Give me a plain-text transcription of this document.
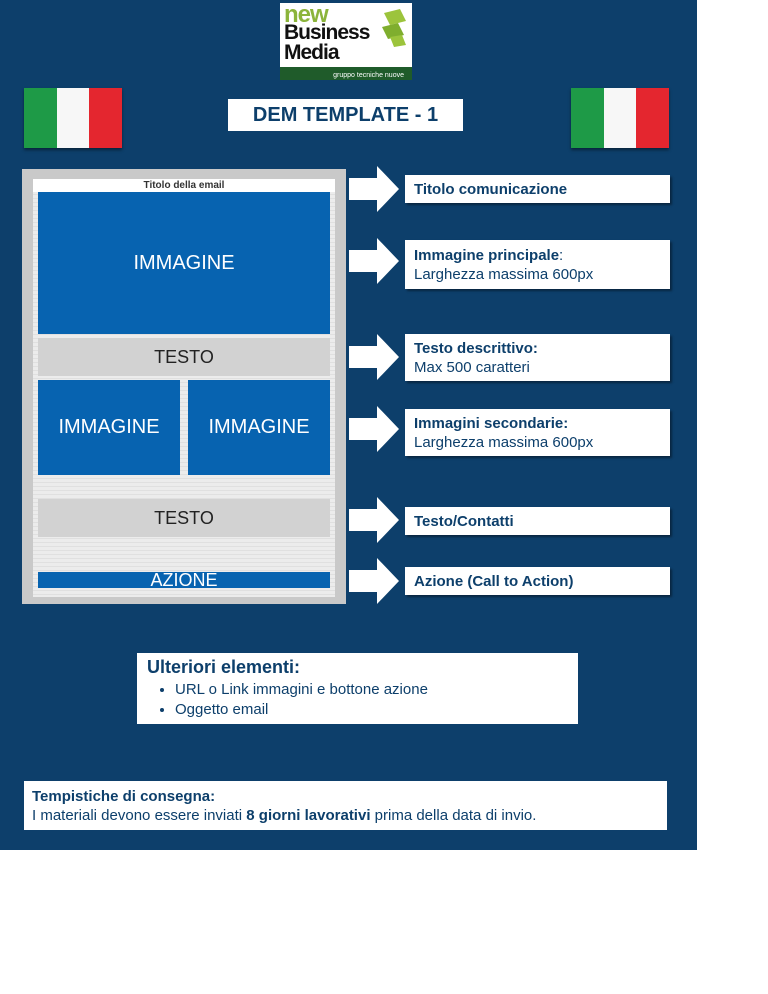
new
Business
Media
gruppo tecniche nuove
DEM TEMPLATE - 1
Titolo della email
IMMAGINE
TESTO
IMMAGINE	IMMAGINE
TESTO
AZIONE
Titolo comunicazione
Immagine principale:
Larghezza massima 600px
Testo descrittivo:
Max 500 caratteri
Immagini secondarie:
Larghezza massima 600px
Testo/Contatti
Azione (Call to Action)
Ulteriori elementi:
• URL o Link immagini e bottone azione
• Oggetto email
Tempistiche di consegna:
I materiali devono essere inviati 8 giorni lavorativi prima della data di invio.
